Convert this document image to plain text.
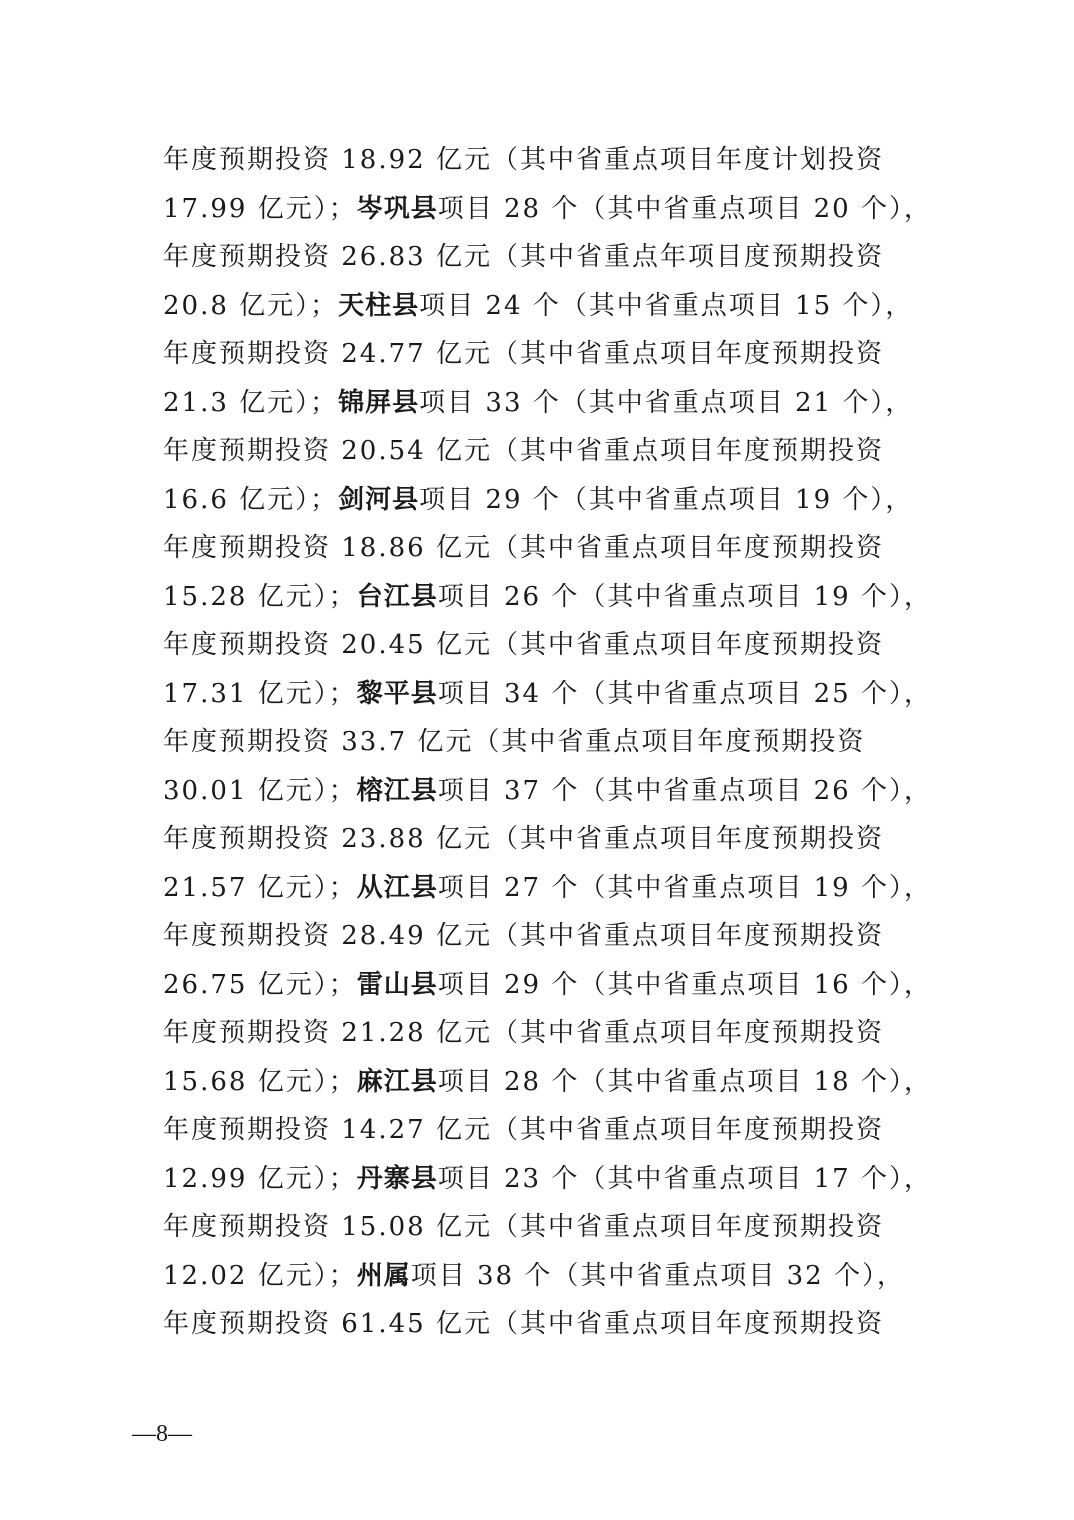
年度预期投资 18.92 亿元（其中省重点项目年度计划投资
17.99 亿元）；岑巩县项目 28 个（其中省重点项目 20 个），
年度预期投资 26.83 亿元（其中省重点年项目度预期投资
20.8 亿元）；天柱县项目 24 个（其中省重点项目 15 个），
年度预期投资 24.77 亿元（其中省重点项目年度预期投资
21.3 亿元）；锦屏县项目 33 个（其中省重点项目 21 个），
年度预期投资 20.54 亿元（其中省重点项目年度预期投资
16.6 亿元）；剑河县项目 29 个（其中省重点项目 19 个），
年度预期投资 18.86 亿元（其中省重点项目年度预期投资
15.28 亿元）；台江县项目 26 个（其中省重点项目 19 个），
年度预期投资 20.45 亿元（其中省重点项目年度预期投资
17.31 亿元）；黎平县项目 34 个（其中省重点项目 25 个），
年度预期投资 33.7 亿元（其中省重点项目年度预期投资
30.01 亿元）；榕江县项目 37 个（其中省重点项目 26 个），
年度预期投资 23.88 亿元（其中省重点项目年度预期投资
21.57 亿元）；从江县项目 27 个（其中省重点项目 19 个），
年度预期投资 28.49 亿元（其中省重点项目年度预期投资
26.75 亿元）；雷山县项目 29 个（其中省重点项目 16 个），
年度预期投资 21.28 亿元（其中省重点项目年度预期投资
15.68 亿元）；麻江县项目 28 个（其中省重点项目 18 个），
年度预期投资 14.27 亿元（其中省重点项目年度预期投资
12.99 亿元）；丹寨县项目 23 个（其中省重点项目 17 个），
年度预期投资 15.08 亿元（其中省重点项目年度预期投资
12.02 亿元）；州属项目 38 个（其中省重点项目 32 个），
年度预期投资 61.45 亿元（其中省重点项目年度预期投资
—8—
